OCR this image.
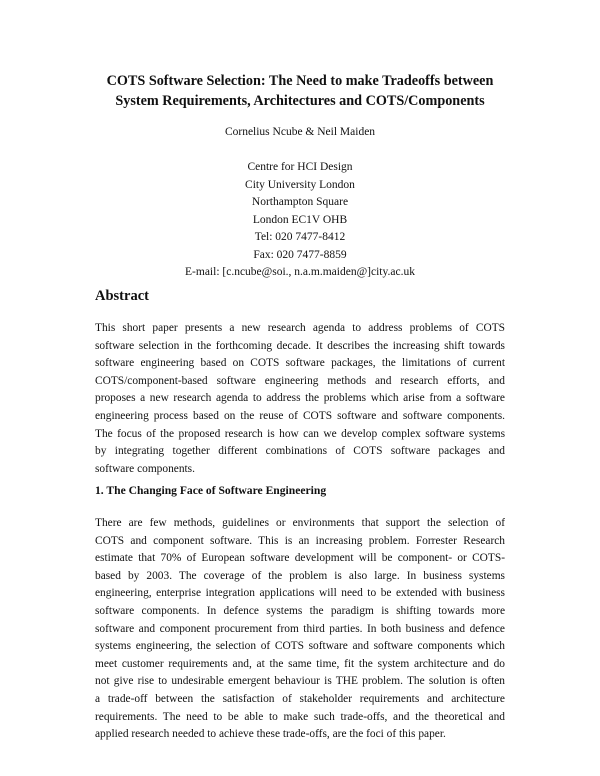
COTS Software Selection: The Need to make Tradeoffs between
System Requirements, Architectures and COTS/Components
Cornelius Ncube & Neil Maiden
Centre for HCI Design
City University London
Northampton Square
London EC1V OHB
Tel: 020 7477-8412
Fax: 020 7477-8859
E-mail: [c.ncube@soi., n.a.m.maiden@]city.ac.uk
Abstract
This short paper presents a new research agenda to address problems of COTS
software selection in the forthcoming decade. It describes the increasing shift towards
software engineering based on COTS software packages, the limitations of current
COTS/component-based software engineering methods and research efforts, and
proposes a new research agenda to address the problems which arise from a software
engineering process based on the reuse of COTS software and software components.
The focus of the proposed research is how can we develop complex software systems
by integrating together different combinations of COTS software packages and
software components.
1. The Changing Face of Software Engineering
There are few methods, guidelines or environments that support the selection of
COTS and component software. This is an increasing problem. Forrester Research
estimate that 70% of European software development will be component- or COTS-
based by 2003. The coverage of the problem is also large. In business systems
engineering, enterprise integration applications will need to be extended with business
software components. In defence systems the paradigm is shifting towards more
software and component procurement from third parties. In both business and defence
systems engineering, the selection of COTS software and software components which
meet customer requirements and, at the same time, fit the system architecture and do
not give rise to undesirable emergent behaviour is THE problem. The solution is often
a trade-off between the satisfaction of stakeholder requirements and architecture
requirements. The need to be able to make such trade-offs, and the theoretical and
applied research needed to achieve these trade-offs, are the foci of this paper.
